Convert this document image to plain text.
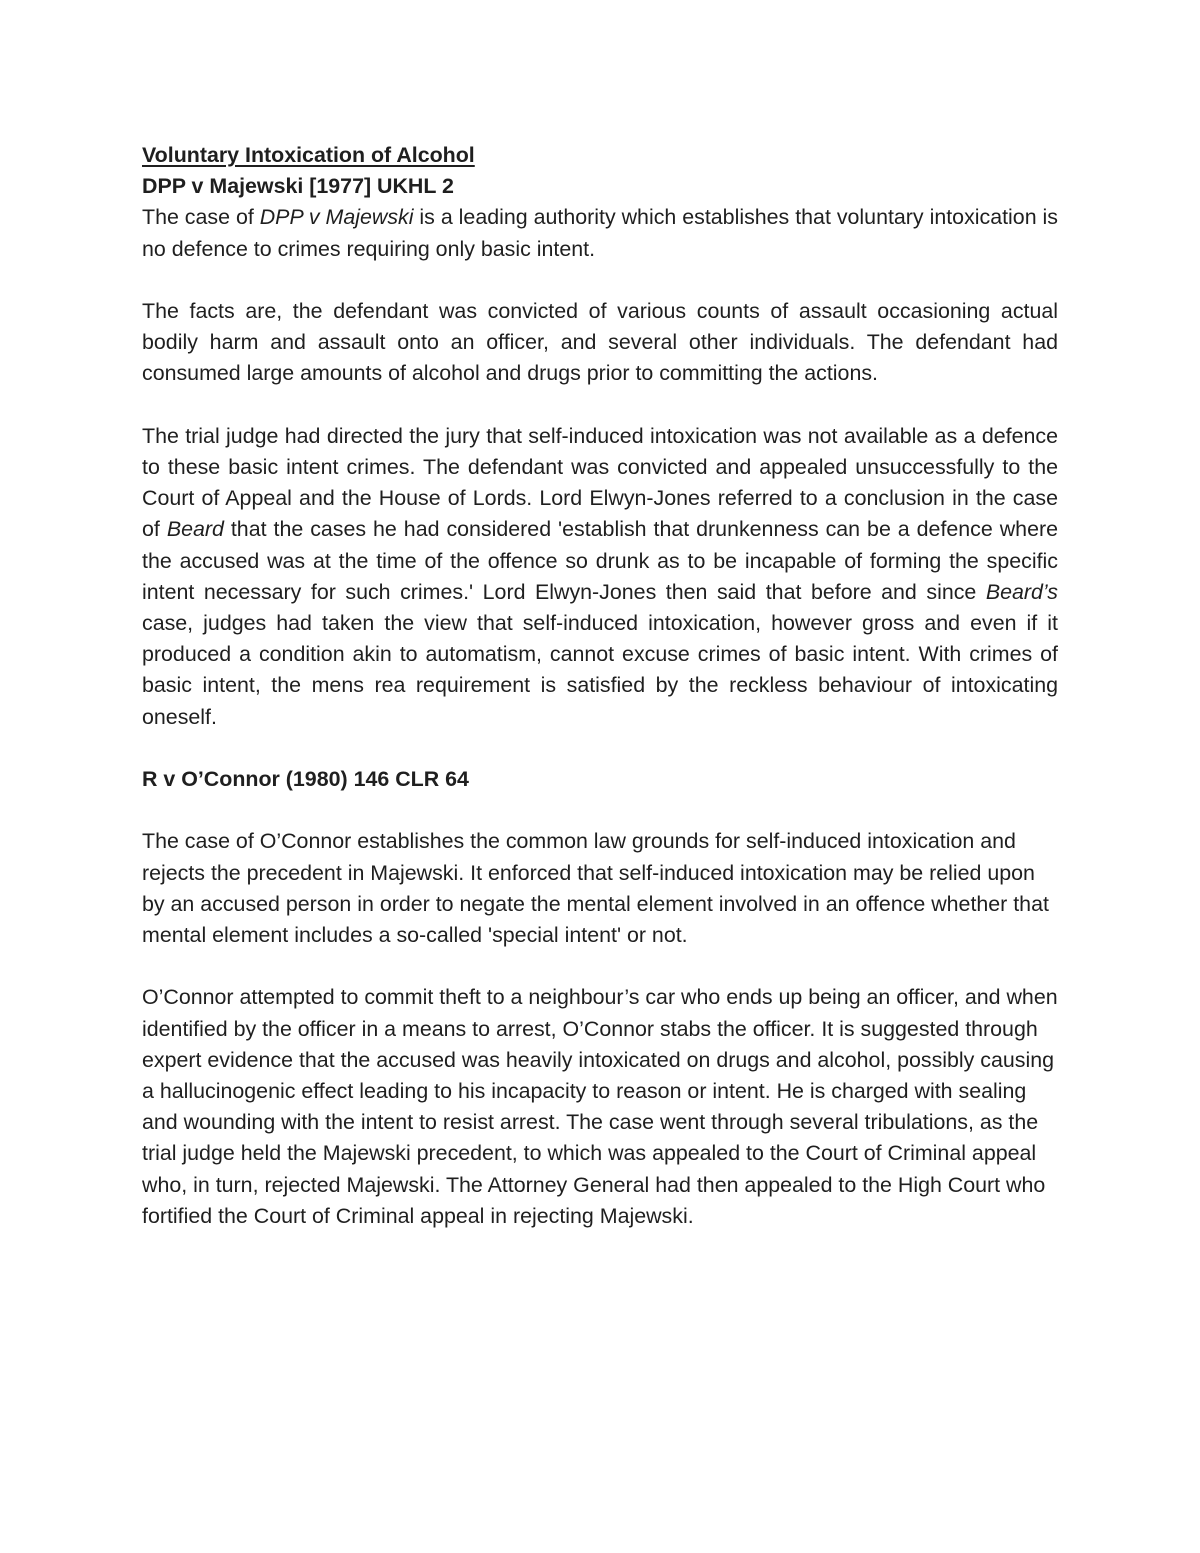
Voluntary Intoxication of Alcohol

DPP v Majewski [1977] UKHL 2

The case of DPP v Majewski is a leading authority which establishes that voluntary intoxication is no defence to crimes requiring only basic intent.

The facts are, the defendant was convicted of various counts of assault occasioning actual bodily harm and assault onto an officer, and several other individuals. The defendant had consumed large amounts of alcohol and drugs prior to committing the actions.

The trial judge had directed the jury that self-induced intoxication was not available as a defence to these basic intent crimes. The defendant was convicted and appealed unsuccessfully to the Court of Appeal and the House of Lords. Lord Elwyn-Jones referred to a conclusion in the case of Beard that the cases he had considered 'establish that drunkenness can be a defence where the accused was at the time of the offence so drunk as to be incapable of forming the specific intent necessary for such crimes.' Lord Elwyn-Jones then said that before and since Beard’s case, judges had taken the view that self-induced intoxication, however gross and even if it produced a condition akin to automatism, cannot excuse crimes of basic intent. With crimes of basic intent, the mens rea requirement is satisfied by the reckless behaviour of intoxicating oneself.

R v O’Connor (1980) 146 CLR 64

The case of O’Connor establishes the common law grounds for self-induced intoxication and rejects the precedent in Majewski. It enforced that self-induced intoxication may be relied upon by an accused person in order to negate the mental element involved in an offence whether that mental element includes a so-called 'special intent' or not.

O’Connor attempted to commit theft to a neighbour’s car who ends up being an officer, and when identified by the officer in a means to arrest, O’Connor stabs the officer. It is suggested through expert evidence that the accused was heavily intoxicated on drugs and alcohol, possibly causing a hallucinogenic effect leading to his incapacity to reason or intent. He is charged with sealing and wounding with the intent to resist arrest. The case went through several tribulations, as the trial judge held the Majewski precedent, to which was appealed to the Court of Criminal appeal who, in turn, rejected Majewski. The Attorney General had then appealed to the High Court who fortified the Court of Criminal appeal in rejecting Majewski.
